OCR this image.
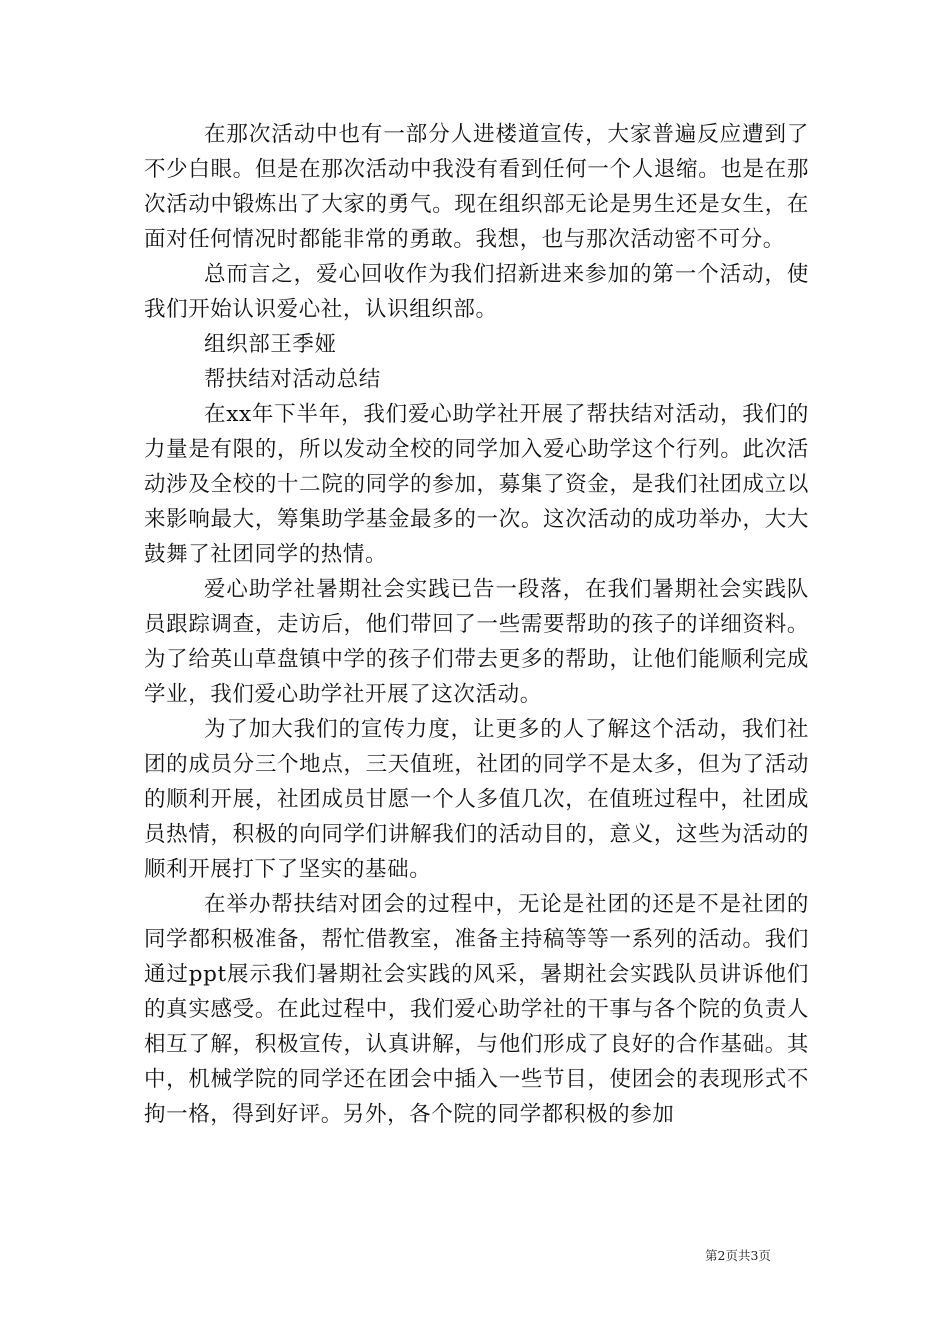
在那次活动中也有一部分人进楼道宣传，大家普遍反应遭到了不少白眼。但是在那次活动中我没有看到任何一个人退缩。也是在那次活动中锻炼出了大家的勇气。现在组织部无论是男生还是女生，在面对任何情况时都能非常的勇敢。我想，也与那次活动密不可分。

总而言之，爱心回收作为我们招新进来参加的第一个活动，使我们开始认识爱心社，认识组织部。

组织部王季娅

帮扶结对活动总结

在xx年下半年，我们爱心助学社开展了帮扶结对活动，我们的力量是有限的，所以发动全校的同学加入爱心助学这个行列。此次活动涉及全校的十二院的同学的参加，募集了资金，是我们社团成立以来影响最大，筹集助学基金最多的一次。这次活动的成功举办，大大鼓舞了社团同学的热情。

爱心助学社暑期社会实践已告一段落，在我们暑期社会实践队员跟踪调查，走访后，他们带回了一些需要帮助的孩子的详细资料。为了给英山草盘镇中学的孩子们带去更多的帮助，让他们能顺利完成学业，我们爱心助学社开展了这次活动。

为了加大我们的宣传力度，让更多的人了解这个活动，我们社团的成员分三个地点，三天值班，社团的同学不是太多，但为了活动的顺利开展，社团成员甘愿一个人多值几次，在值班过程中，社团成员热情，积极的向同学们讲解我们的活动目的，意义，这些为活动的顺利开展打下了坚实的基础。

在举办帮扶结对团会的过程中，无论是社团的还是不是社团的同学都积极准备，帮忙借教室，准备主持稿等等一系列的活动。我们通过ppt展示我们暑期社会实践的风采，暑期社会实践队员讲诉他们的真实感受。在此过程中，我们爱心助学社的干事与各个院的负责人相互了解，积极宣传，认真讲解，与他们形成了良好的合作基础。其中，机械学院的同学还在团会中插入一些节目，使团会的表现形式不拘一格，得到好评。另外，各个院的同学都积极的参加

第2页共3页
